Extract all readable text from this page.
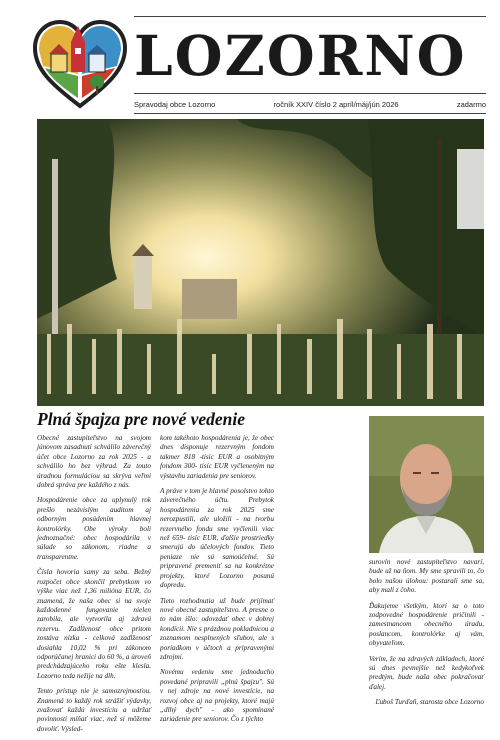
LOZORNO
Spravodaj obce Lozorno	ročník XXIV číslo 2 apríl/máj/jún 2026	zadarmo
Plná špajza pre nové vedenie

Obecné zastupiteľstvo na svojom júnovom zasadnutí schválilo záverečný účet obce Lozorno za rok 2025 - a schválilo ho bez výhrad. Za touto úradnou formuláciou sa skrýva veľmi dobrá správa pre každého z nás.

Hospodárenie obce za uplynulý rok prešlo nezávislým auditom aj odborným posúdením hlavnej kontrolórky. Obe výroky boli jednoznačné: obec hospodárila v súlade so zákonom, riadne a transparentne.

Čísla hovoria samy za seba. Bežný rozpočet obce skončil prebytkom vo výške viac než 1,36 milióna EUR, čo znamená, že naša obec si na svoje každodenné fungovanie nielen zarobila, ale vytvorila aj zdravú rezervu. Zadĺženosť obce pritom zostáva nízka - celková zadĺženosť dosiahla 10,02 % pri zákonom odporúčanej hranici do 60 %, a úroveň predchádzajúceho roku ešte klesla. Lozorno teda nežije na dlh.

Tento prístup nie je samozrejmosťou. Znamená to každý rok strážiť výdavky, zvažovať každú investíciu a udržať povinnosti míňať viac, než si môžeme dovoliť. Výsled-

kom takéhoto hospodárenia je, že obec dnes disponuje rezervným fondom takmer 818 -tisíc EUR a osobitným fondom 300- tisíc EUR vyčleneným na výstavbu zariadenia pre seniorov.

A práve v tom je hlavné posolstvo tohto záverečného účtu. Prebytok hospodárenia za rok 2025 sme nerozpustili, ale uložili - na tvorbu rezervného fondu sme vyčlenili viac než 659- tisíc EUR, ďalšie prostriedky smerujú do účelových fondov. Tieto peniaze nie sú samoúčelné. Sú pripravené premeniť sa na konkrétne projekty, ktoré Lozorno posunú dopredu.

Tieto rozhodnutia už bude prijímať nové obecné zastupiteľstvo. A presne o to nám išlo: odovzdať obec v dobrej kondícii. Nie s prázdnou pokladnicou a zoznamom nesplnených sľubov, ale s poriadkom v účtoch a pripravenými zdrojmi.

Novému vedeniu sme jednoducho povedané pripravili „plnú špajzu". Sú v nej zdroje na nové investície, na rozvoj obce aj na projekty, ktoré majú „dlhý dych" - ako spomínané zariadenie pre seniorov. Čo z týchto

surovín nové zastupiteľstvo navarí, bude už na ňom. My sme spravili to, čo bolo našou úlohou: postarali sme sa, aby mali z čoho.

Ďakujeme všetkým, ktorí sa o toto zodpovedné hospodárenie pričinili - zamestnancom obecného úradu, poslancom, kontrolórke aj vám, obyvateľom.

Verím, že na zdravých základoch, ktoré sú dnes pevnejšie než kedykoľvek predtým, bude naša obec pokračovať ďalej.

Ľuboš Turďaň, starosta obce Lozorno
